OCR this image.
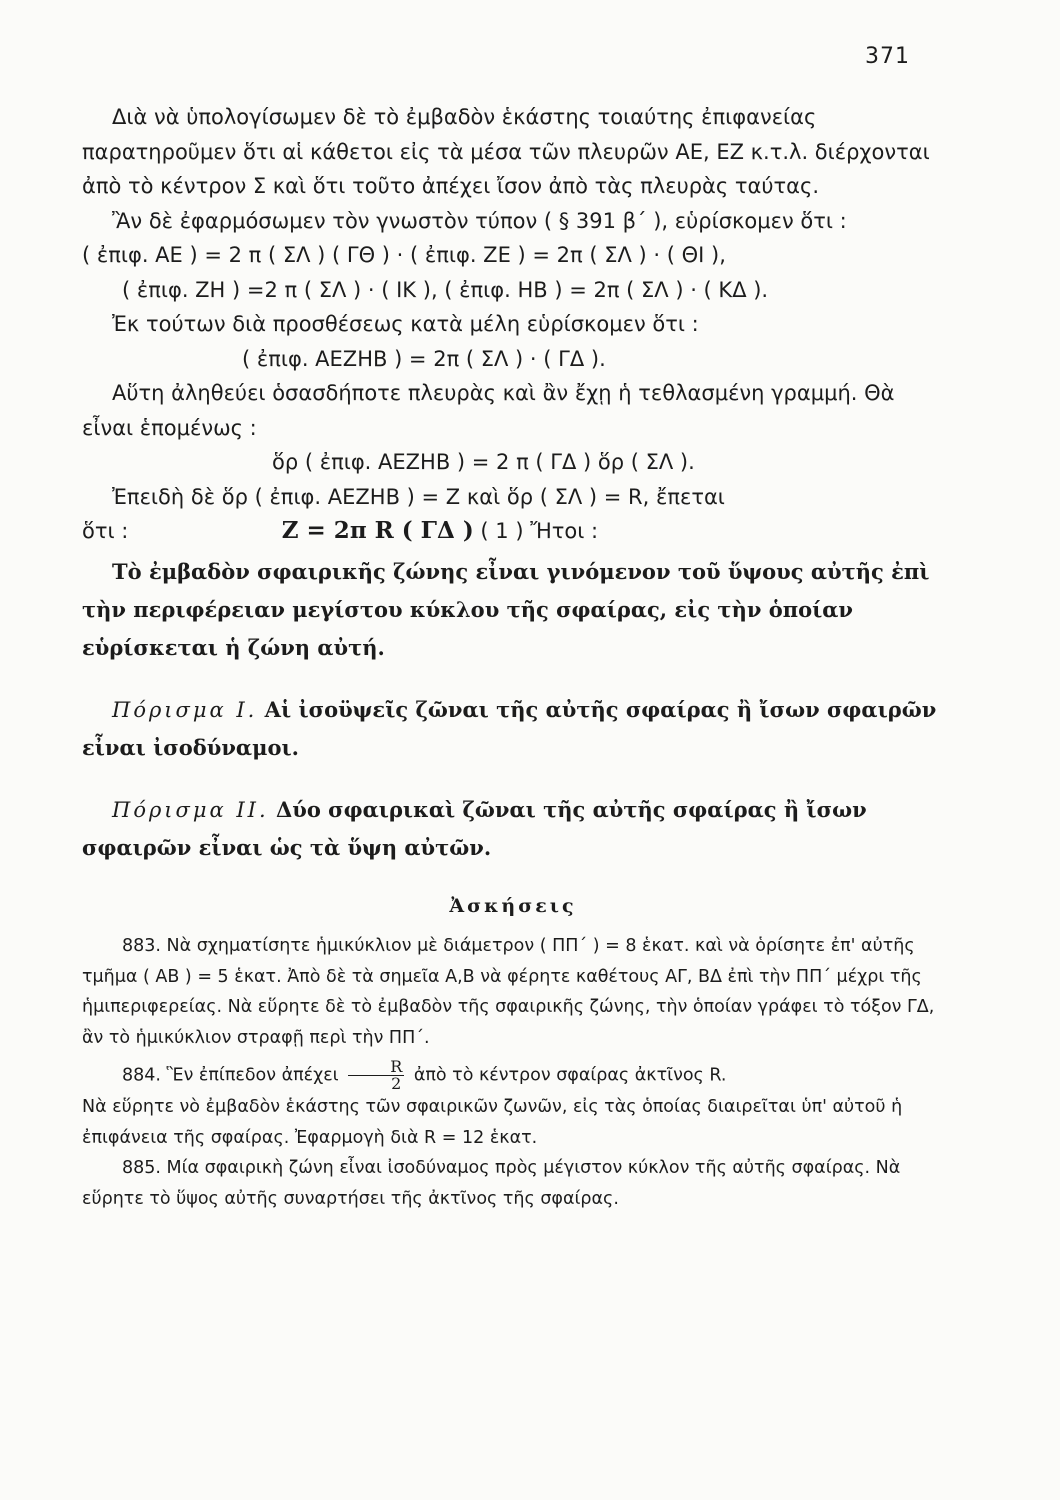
371

Διὰ νὰ ὑπολογίσωμεν δὲ τὸ ἐμβαδὸν ἑκάστης τοιαύτης ἐπιφανείας παρατηροῦμεν ὅτι αἱ κάθετοι εἰς τὰ μέσα τῶν πλευρῶν ΑΕ, ΕΖ κ.τ.λ. διέρχονται ἀπὸ τὸ κέντρον Σ καὶ ὅτι τοῦτο ἀπέχει ἴσον ἀπὸ τὰς πλευρὰς ταύτας.

Ἂν δὲ ἐφαρμόσωμεν τὸν γνωστὸν τύπον ( § 391 β΄ ), εὑρίσκομεν ὅτι :

( ἐπιφ. ΑΕ ) = 2 π ( ΣΛ ) ( ΓΘ ) · ( ἐπιφ. ΖΕ ) = 2π ( ΣΛ ) · ( ΘΙ ),

( ἐπιφ. ΖΗ ) =2 π ( ΣΛ ) · ( ΙΚ ), ( ἐπιφ. ΗΒ ) = 2π ( ΣΛ ) · ( ΚΔ ).

Ἐκ τούτων διὰ προσθέσεως κατὰ μέλη εὑρίσκομεν ὅτι :

( ἐπιφ. ΑΕΖΗΒ ) = 2π ( ΣΛ ) · ( ΓΔ ).

Αὕτη ἀληθεύει ὁσασδήποτε πλευρὰς καὶ ἂν ἔχῃ ἡ τεθλασμένη γραμμή. Θὰ εἶναι ἑπομένως :

ὅρ ( ἐπιφ. ΑΕΖΗΒ ) = 2 π ( ΓΔ ) ὅρ ( ΣΛ ).

Ἐπειδὴ δὲ ὅρ ( ἐπιφ. ΑΕΖΗΒ ) = Ζ καὶ ὅρ ( ΣΛ ) = R, ἔπεται

ὅτι :	Ζ = 2π R ( ΓΔ ) ( 1 ) Ἤτοι :

Τὸ ἐμβαδὸν σφαιρικῆς ζώνης εἶναι γινόμενον τοῦ ὕψους αὐτῆς ἐπὶ τὴν περιφέρειαν μεγίστου κύκλου τῆς σφαίρας, εἰς τὴν ὁποίαν εὑρίσκεται ἡ ζώνη αὐτή.

Πόρισμα Ι. Αἱ ἰσοϋψεῖς ζῶναι τῆς αὐτῆς σφαίρας ἢ ἴσων σφαιρῶν εἶναι ἰσοδύναμοι.

Πόρισμα ΙΙ. Δύο σφαιρικαὶ ζῶναι τῆς αὐτῆς σφαίρας ἢ ἴσων σφαιρῶν εἶναι ὡς τὰ ὕψη αὐτῶν.

Ἀσκήσεις

883. Νὰ σχηματίσητε ἡμικύκλιον μὲ διάμετρον ( ΠΠ΄ ) = 8 ἑκατ. καὶ νὰ ὁρίσητε ἐπ' αὐτῆς τμῆμα ( ΑΒ ) = 5 ἑκατ. Ἀπὸ δὲ τὰ σημεῖα Α,Β νὰ φέρητε καθέτους ΑΓ, ΒΔ ἐπὶ τὴν ΠΠ΄ μέχρι τῆς ἡμιπεριφερείας. Νὰ εὕρητε δὲ τὸ ἐμβαδὸν τῆς σφαιρικῆς ζώνης, τὴν ὁποίαν γράφει τὸ τόξον ΓΔ, ἂν τὸ ἡμικύκλιον στραφῇ περὶ τὴν ΠΠ΄.

884. Ἓν ἐπίπεδον ἀπέχει $\frac{R}{2}$ ἀπὸ τὸ κέντρον σφαίρας ἀκτῖνος R.

Νὰ εὕρητε νὸ ἐμβαδὸν ἑκάστης τῶν σφαιρικῶν ζωνῶν, εἰς τὰς ὁποίας διαιρεῖται ὑπ' αὐτοῦ ἡ ἐπιφάνεια τῆς σφαίρας. Ἐφαρμογὴ διὰ R = 12 ἑκατ.

885. Μία σφαιρικὴ ζώνη εἶναι ἰσοδύναμος πρὸς μέγιστον κύκλον τῆς αὐτῆς σφαίρας. Νὰ εὕρητε τὸ ὕψος αὐτῆς συναρτήσει τῆς ἀκτῖνος τῆς σφαίρας.
